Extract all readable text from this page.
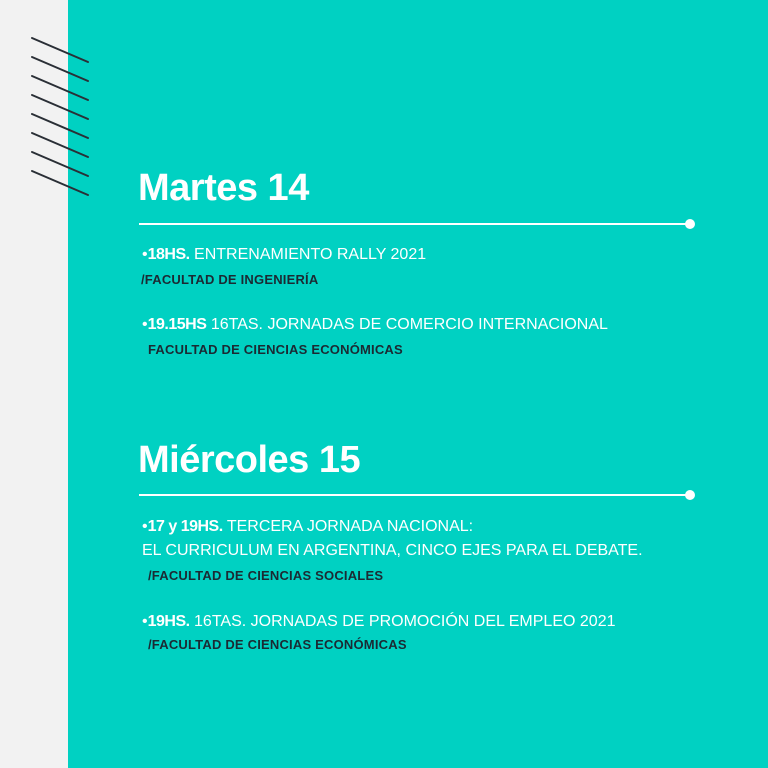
Martes 14
•18HS. ENTRENAMIENTO RALLY 2021
/FACULTAD DE INGENIERÍA
•19.15HS 16TAS. JORNADAS DE COMERCIO INTERNACIONAL
FACULTAD DE CIENCIAS ECONÓMICAS
Miércoles 15
•17 y 19HS. TERCERA JORNADA NACIONAL:
EL CURRICULUM EN ARGENTINA, CINCO EJES PARA EL DEBATE.
/FACULTAD DE CIENCIAS SOCIALES
•19HS. 16TAS. JORNADAS DE PROMOCIÓN DEL EMPLEO 2021
/FACULTAD DE CIENCIAS ECONÓMICAS
